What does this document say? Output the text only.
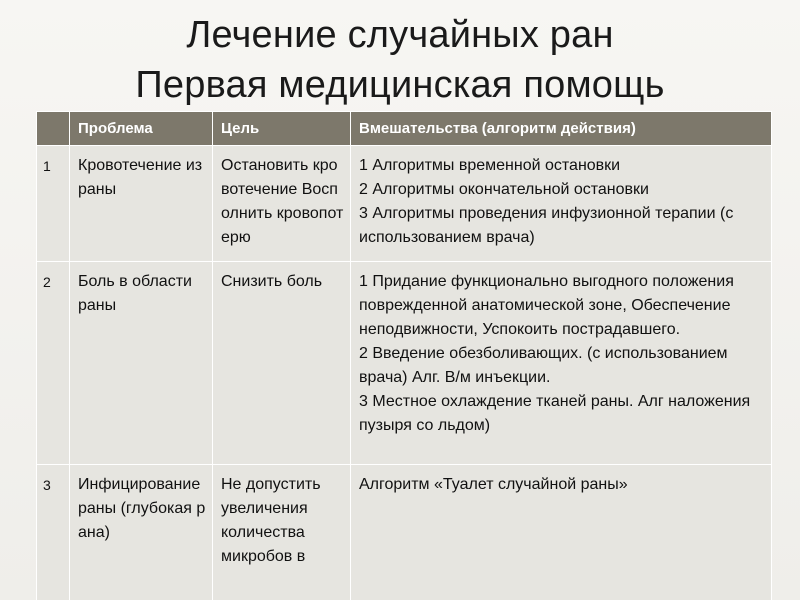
Лечение случайных ран
Первая медицинская помощь
	Проблема	Цель	Вмешательства (алгоритм действия)
1	Кровотечение из раны	Остановить кровотечение Восполнить кровопотерю	1 Алгоритмы временной остановки
2 Алгоритмы окончательной остановки
3 Алгоритмы проведения инфузионной терапии (с использованием врача)

2	Боль в области раны	Снизить боль	1 Придание функционально выгодного положения поврежденной анатомической зоне, Обеспечение неподвижности, Успокоить пострадавшего.
2 Введение обезболивающих. (с использованием врача) Алг. В/м инъекции.
3 Местное охлаждение тканей раны. Алг наложения пузыря со льдом)

3	Инфицирование раны (глубокая рана)	Не допустить увеличения количества микробов в	Алгоритм «Туалет случайной раны»
